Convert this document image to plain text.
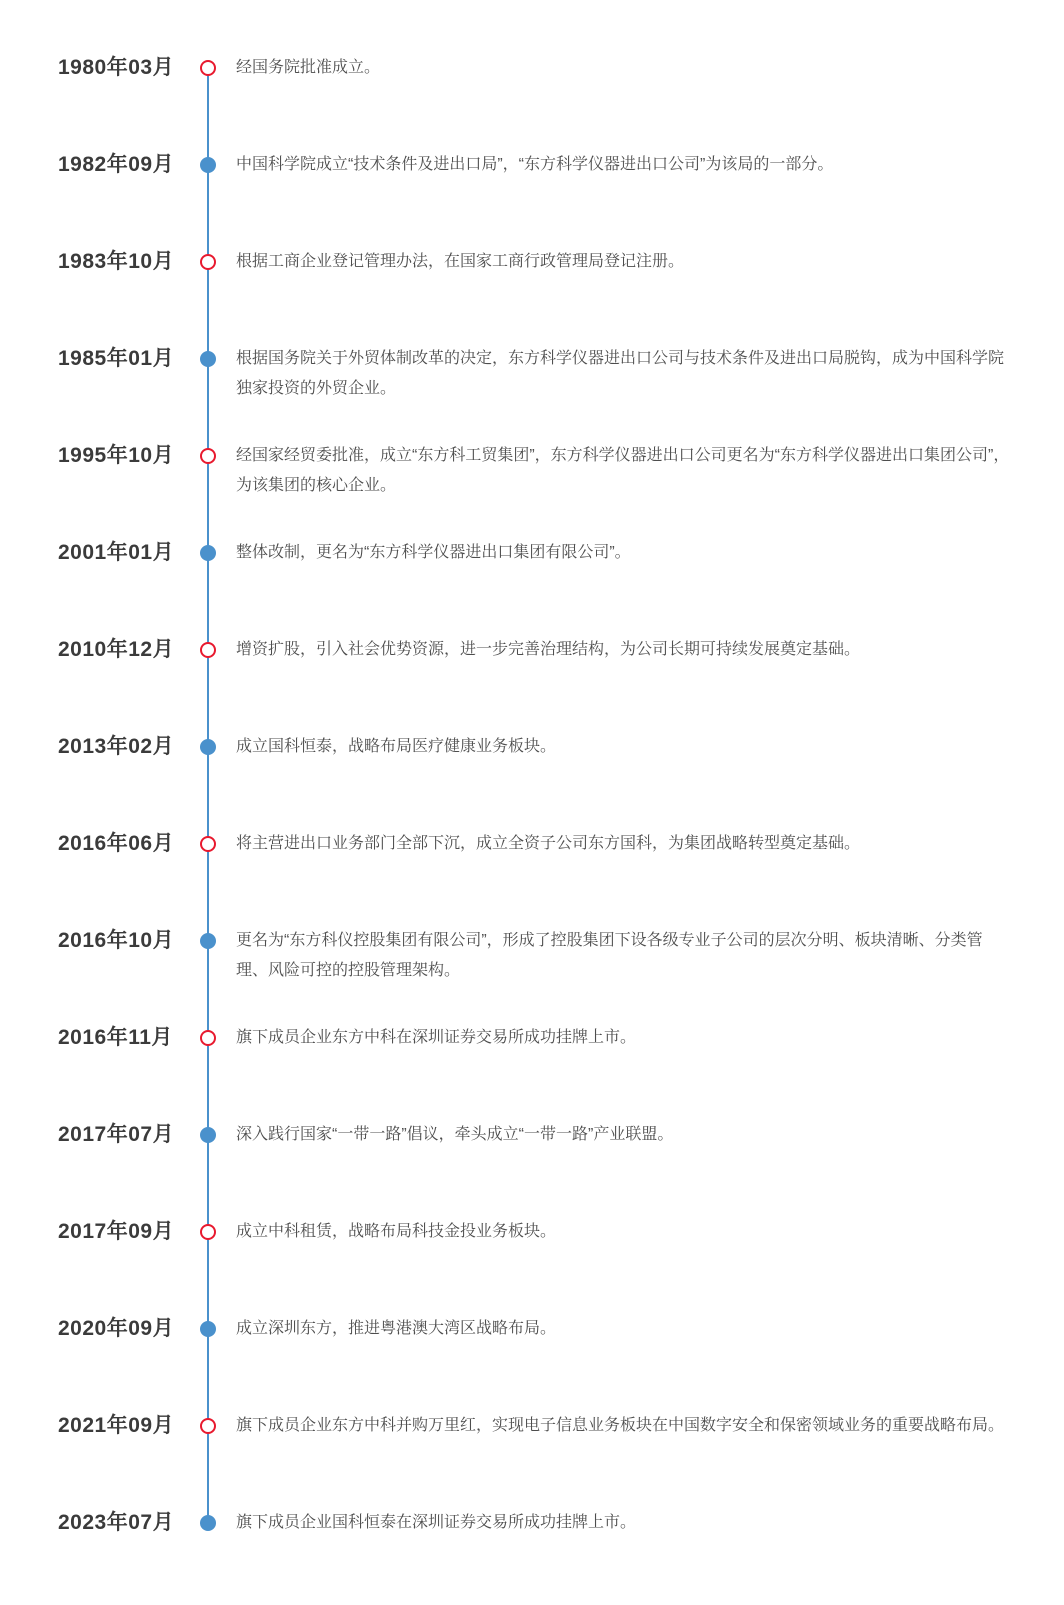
1980年03月	经国务院批准成立。
1982年09月	中国科学院成立“技术条件及进出口局”，“东方科学仪器进出口公司”为该局的一部分。
1983年10月	根据工商企业登记管理办法，在国家工商行政管理局登记注册。
1985年01月	根据国务院关于外贸体制改革的决定，东方科学仪器进出口公司与技术条件及进出口局脱钩，成为中国科学院独家投资的外贸企业。
1995年10月	经国家经贸委批准，成立“东方科工贸集团”，东方科学仪器进出口公司更名为“东方科学仪器进出口集团公司”，为该集团的核心企业。
2001年01月	整体改制，更名为“东方科学仪器进出口集团有限公司”。
2010年12月	增资扩股，引入社会优势资源，进一步完善治理结构，为公司长期可持续发展奠定基础。
2013年02月	成立国科恒泰，战略布局医疗健康业务板块。
2016年06月	将主营进出口业务部门全部下沉，成立全资子公司东方国科，为集团战略转型奠定基础。
2016年10月	更名为“东方科仪控股集团有限公司”，形成了控股集团下设各级专业子公司的层次分明、板块清晰、分类管理、风险可控的控股管理架构。
2016年11月	旗下成员企业东方中科在深圳证券交易所成功挂牌上市。
2017年07月	深入践行国家“一带一路”倡议，牵头成立“一带一路”产业联盟。
2017年09月	成立中科租赁，战略布局科技金投业务板块。
2020年09月	成立深圳东方，推进粤港澳大湾区战略布局。
2021年09月	旗下成员企业东方中科并购万里红，实现电子信息业务板块在中国数字安全和保密领域业务的重要战略布局。
2023年07月	旗下成员企业国科恒泰在深圳证券交易所成功挂牌上市。
